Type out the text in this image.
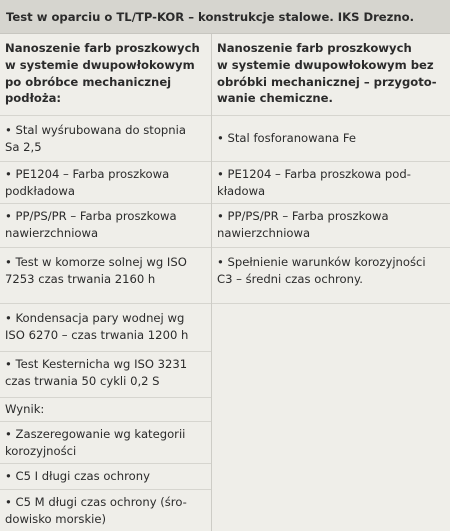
Test w oparciu o TL/TP-KOR – konstrukcje stalowe. IKS Drezno.
Nanoszenie farb proszkowych
w systemie dwupowłokowym
po obróbce mechanicznej
podłoża:
• Stal wyśrubowana do stopnia
Sa 2,5
• PE1204 – Farba proszkowa
podkładowa
• PP/PS/PR – Farba proszkowa
nawierzchniowa
• Test w komorze solnej wg ISO
7253 czas trwania 2160 h
• Kondensacja pary wodnej wg
ISO 6270 – czas trwania 1200 h
• Test Kesternicha wg ISO 3231
czas trwania 50 cykli 0,2 S
Wynik:
• Zaszeregowanie wg kategorii
korozyjności
• C5 I długi czas ochrony
• C5 M długi czas ochrony (śro-
dowisko morskie)
Nanoszenie farb proszkowych
w systemie dwupowłokowym bez
obróbki mechanicznej – przygoto-
wanie chemiczne.
• Stal fosforanowana Fe
• PE1204 – Farba proszkowa pod-
kładowa
• PP/PS/PR – Farba proszkowa
nawierzchniowa
• Spełnienie warunków korozyjności
C3 – średni czas ochrony.
